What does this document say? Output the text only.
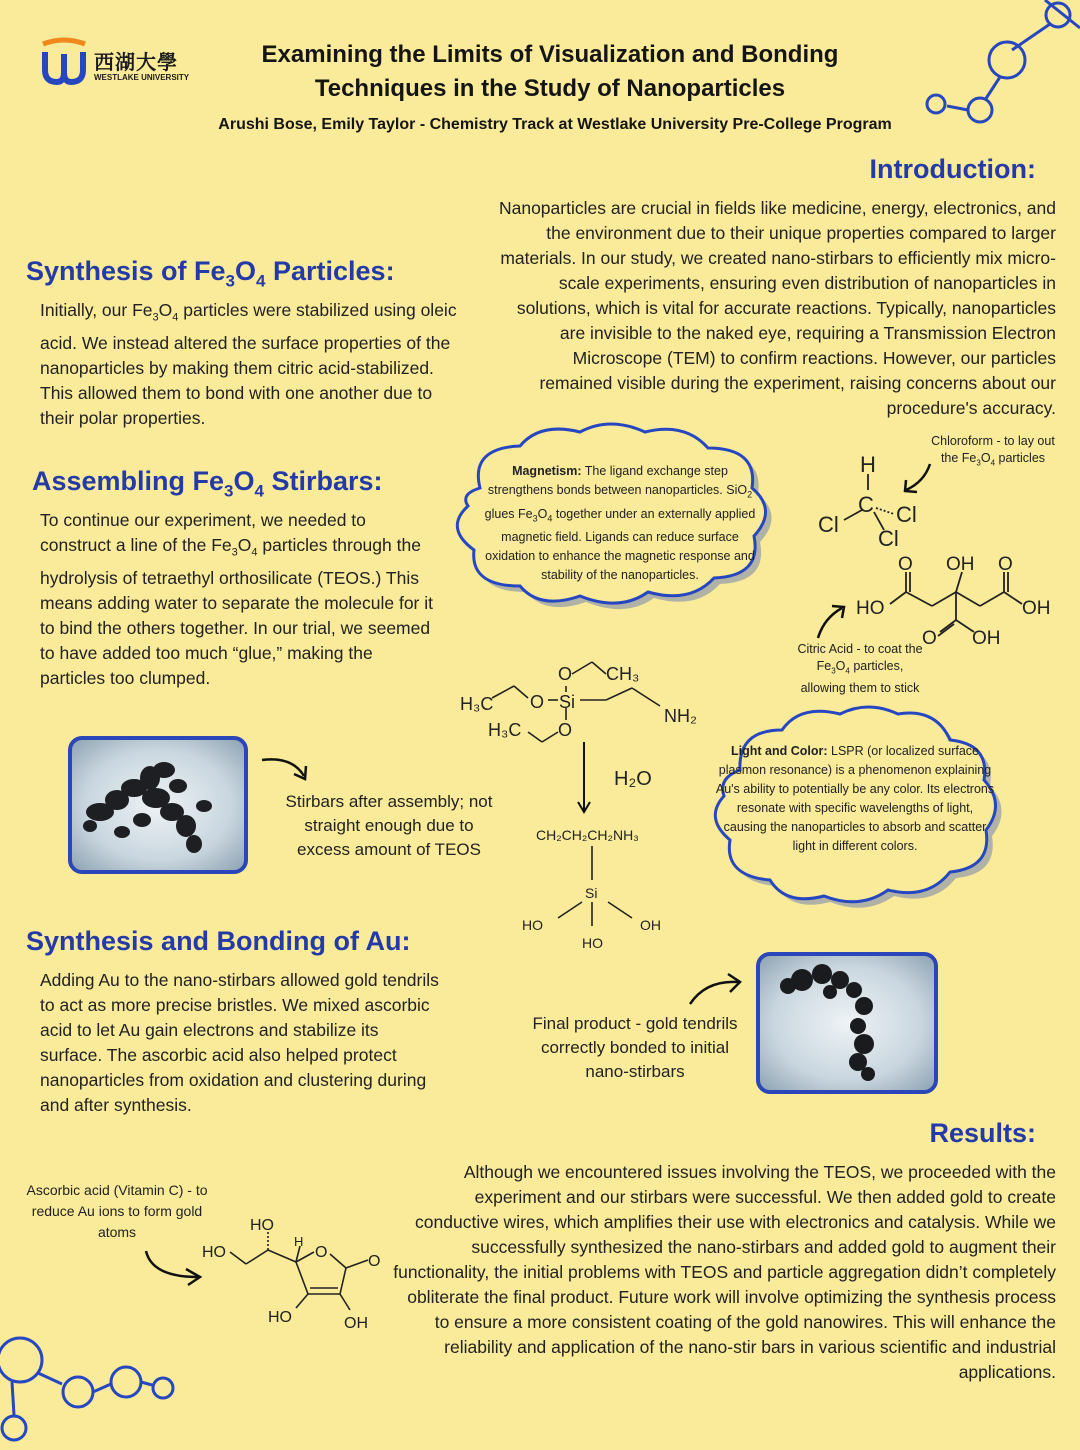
西湖大學
WESTLAKE UNIVERSITY
Examining the Limits of Visualization and Bonding Techniques in the Study of Nanoparticles
Arushi Bose, Emily Taylor - Chemistry Track at Westlake University Pre-College Program
Introduction:
Nanoparticles are crucial in fields like medicine, energy, electronics, and the environment due to their unique properties compared to larger materials. In our study, we created nano-stirbars to efficiently mix micro-scale experiments, ensuring even distribution of nanoparticles in solutions, which is vital for accurate reactions. Typically, nanoparticles are invisible to the naked eye, requiring a Transmission Electron Microscope (TEM) to confirm reactions. However, our particles remained visible during the experiment, raising concerns about our procedure's accuracy.
Synthesis of $Fe_3O_4$ Particles:
Initially, our $Fe_3O_4$ particles were stabilized using oleic acid. We instead altered the surface properties of the nanoparticles by making them citric acid-stabilized. This allowed them to bond with one another due to their polar properties.
Assembling $Fe_3O_4$ Stirbars:
To continue our experiment, we needed to construct a line of the $Fe_3O_4$ particles through the hydrolysis of tetraethyl orthosilicate (TEOS.) This means adding water to separate the molecule for it to bind the others together. In our trial, we seemed to have added too much “glue,” making the particles too clumped.
Stirbars after assembly; not straight enough due to excess amount of TEOS
Synthesis and Bonding of Au:
Adding Au to the nano-stirbars allowed gold tendrils to act as more precise bristles. We mixed ascorbic acid to let Au gain electrons and stabilize its surface. The ascorbic acid also helped protect nanoparticles from oxidation and clustering during and after synthesis.
Ascorbic acid (Vitamin C) - to reduce Au ions to form gold atoms	HO
HO
H
O
O
HO	OH
Results:
Although we encountered issues involving the TEOS, we proceeded with the experiment and our stirbars were successful. We then added gold to create conductive wires, which amplifies their use with electronics and catalysis. While we successfully synthesized the nano-stirbars and added gold to augment their functionality, the initial problems with TEOS and particle aggregation didn’t completely obliterate the final product. Future work will involve optimizing the synthesis process to ensure a more consistent coating of the gold nanowires. This will enhance the reliability and application of the nano-stir bars in various scientific and industrial applications.
Magnetism: The ligand exchange step strengthens bonds between nanoparticles. SiO$_2$ glues $Fe_3O_4$ together under an externally applied magnetic field. Ligands can reduce surface oxidation to enhance the magnetic response and stability of the nanoparticles.
Light and Color: LSPR (or localized surface plasmon resonance) is a phenomenon explaining Au's ability to potentially be any color. Its electrons resonate with specific wavelengths of light, causing the nanoparticles to absorb and scatter light in different colors.
Chloroform - to lay out
the $Fe_3O_4$ particles
H
C
Cl	Cl
Cl
O OH O
HO	OH
O OH
Citric Acid - to coat the
$Fe_3O_4$ particles,
allowing them to stick
H₃C O Si
O CH₃
H₃C O
NH₂
H₂O
CH₂CH₂CH₂NH₃
Si
HO	OH
HO
Final product - gold tendrils correctly bonded to initial nano-stirbars
